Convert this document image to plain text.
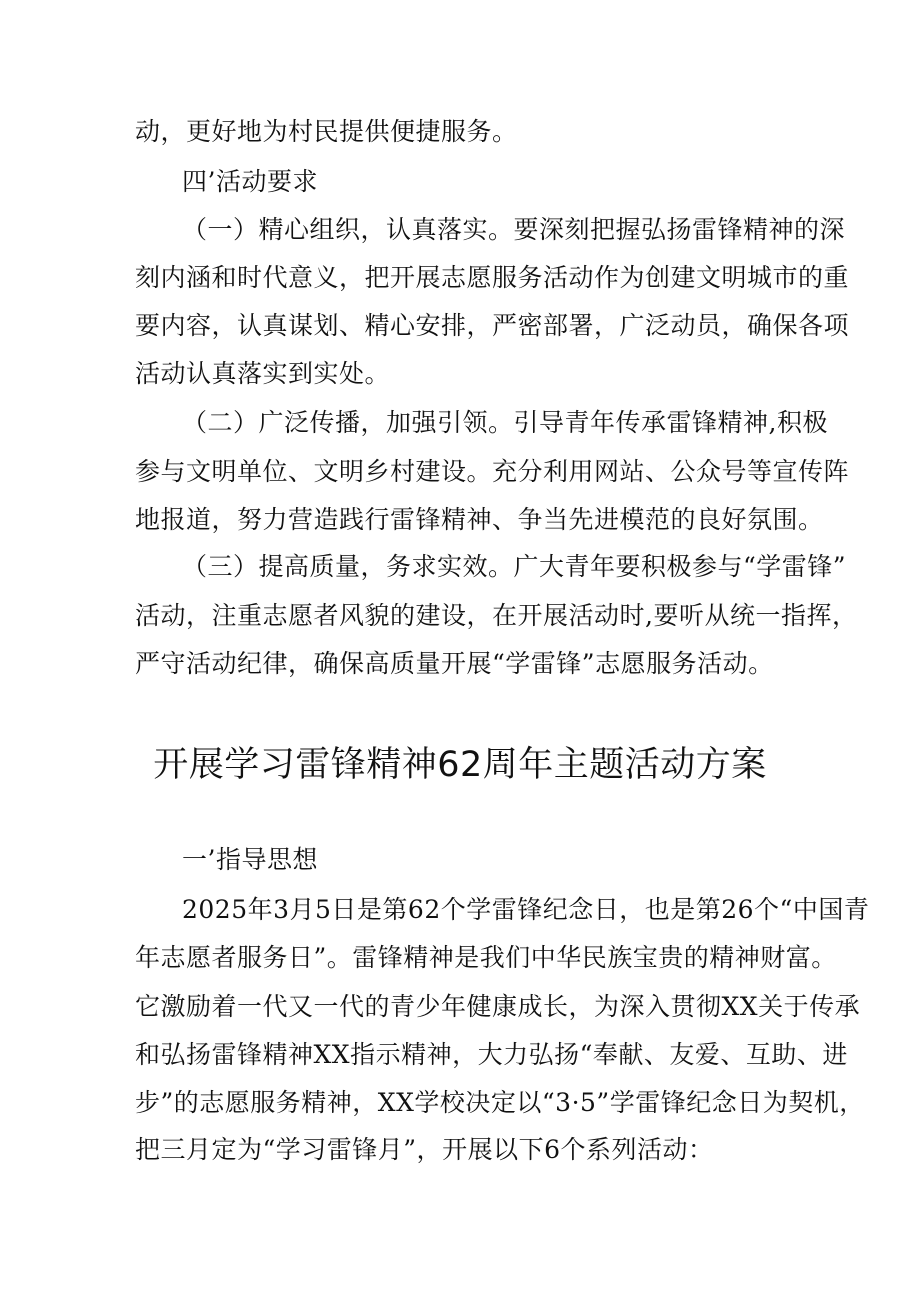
动，更好地为村民提供便捷服务。
四’活动要求
（一）精心组织，认真落实。要深刻把握弘扬雷锋精神的深
刻内涵和时代意义，把开展志愿服务活动作为创建文明城市的重
要内容，认真谋划、精心安排，严密部署，广泛动员，确保各项
活动认真落实到实处。
（二）广泛传播，加强引领。引导青年传承雷锋精神,积极
参与文明单位、文明乡村建设。充分利用网站、公众号等宣传阵
地报道，努力营造践行雷锋精神、争当先进模范的良好氛围。
（三）提高质量，务求实效。广大青年要积极参与“学雷锋”
活动，注重志愿者风貌的建设，在开展活动时,要听从统一指挥，
严守活动纪律，确保高质量开展“学雷锋”志愿服务活动。
开展学习雷锋精神62周年主题活动方案
一’指导思想
2025年3月5日是第62个学雷锋纪念日，也是第26个“中国青
年志愿者服务日”。雷锋精神是我们中华民族宝贵的精神财富。
它激励着一代又一代的青少年健康成长，为深入贯彻XX关于传承
和弘扬雷锋精神XX指示精神，大力弘扬“奉献、友爱、互助、进
步”的志愿服务精神，XX学校决定以“3·5”学雷锋纪念日为契机，
把三月定为“学习雷锋月”，开展以下6个系列活动：
